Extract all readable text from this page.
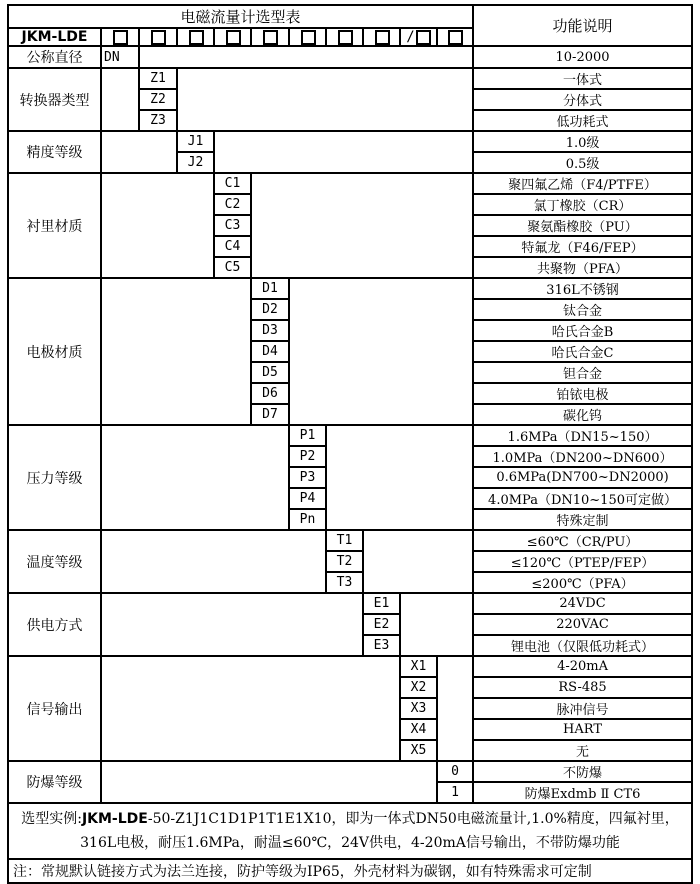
电磁流量计选型表											功能说明
JKM-LDE									/		
公称直径	DN										10-2000
转换器类型		Z1									一体式
		Z2									分体式
		Z3									低功耗式
精度等级			J1								1.0级
			J2								0.5级
衬里材质				C1							聚四氟乙烯（F4/PTFE）
				C2							氯丁橡胶（CR）
				C3							聚氨酯橡胶（PU）
				C4							特氟龙（F46/FEP）
				C5							共聚物（PFA）
电极材质					D1						316L不锈钢
					D2						钛合金
					D3						哈氏合金B
					D4						哈氏合金C
					D5						钽合金
					D6						铂铱电极
					D7						碳化钨
压力等级						P1					1.6MPa（DN15~150）
						P2					1.0MPa（DN200~DN600）
						P3					0.6MPa(DN700~DN2000)
						P4					4.0MPa（DN10~150可定做）
						Pn					特殊定制
温度等级							T1				≤60℃（CR/PU）
							T2				≤120℃（PTEP/FEP）
							T3				≤200℃（PFA）
供电方式								E1			24VDC
								E2			220VAC
								E3			锂电池（仅限低功耗式）
信号输出									X1		4-20mA
									X2		RS-485
									X3		脉冲信号
									X4		HART
									X5		无
防爆等级										0	不防爆
										1	防爆Exdmb Ⅱ CT6
选型实例:JKM-LDE-50-Z1J1C1D1P1T1E1X10，即为一体式DN50电磁流量计,1.0%精度，四氟衬里，316L电极，耐压1.6MPa，耐温≤60℃，24V供电，4-20mA信号输出，不带防爆功能											
注：常规默认链接方式为法兰连接，防护等级为IP65，外壳材料为碳钢，如有特殊需求可定制											
